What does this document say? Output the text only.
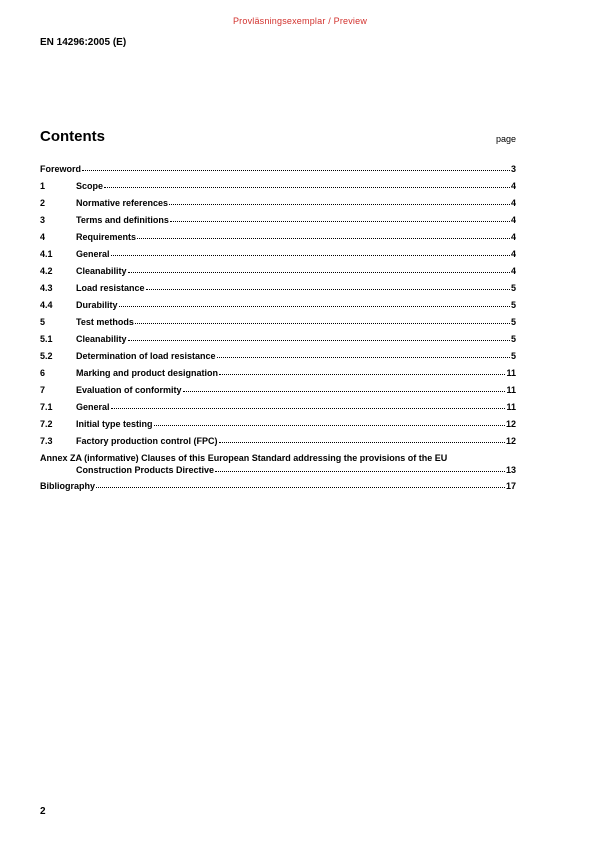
Provläsningsexemplar / Preview
EN 14296:2005 (E)
Contents	page
Foreword	3
1	Scope	4
2	Normative references	4
3	Terms and definitions	4
4	Requirements	4
4.1	General	4
4.2	Cleanability	4
4.3	Load resistance	5
4.4	Durability	5
5	Test methods	5
5.1	Cleanability	5
5.2	Determination of load resistance	5
6	Marking and product designation	11
7	Evaluation of conformity	11
7.1	General	11
7.2	Initial type testing	12
7.3	Factory production control (FPC)	12
Annex ZA (informative) Clauses of this European Standard addressing the provisions of the EU
Construction Products Directive	13
Bibliography	17
2
